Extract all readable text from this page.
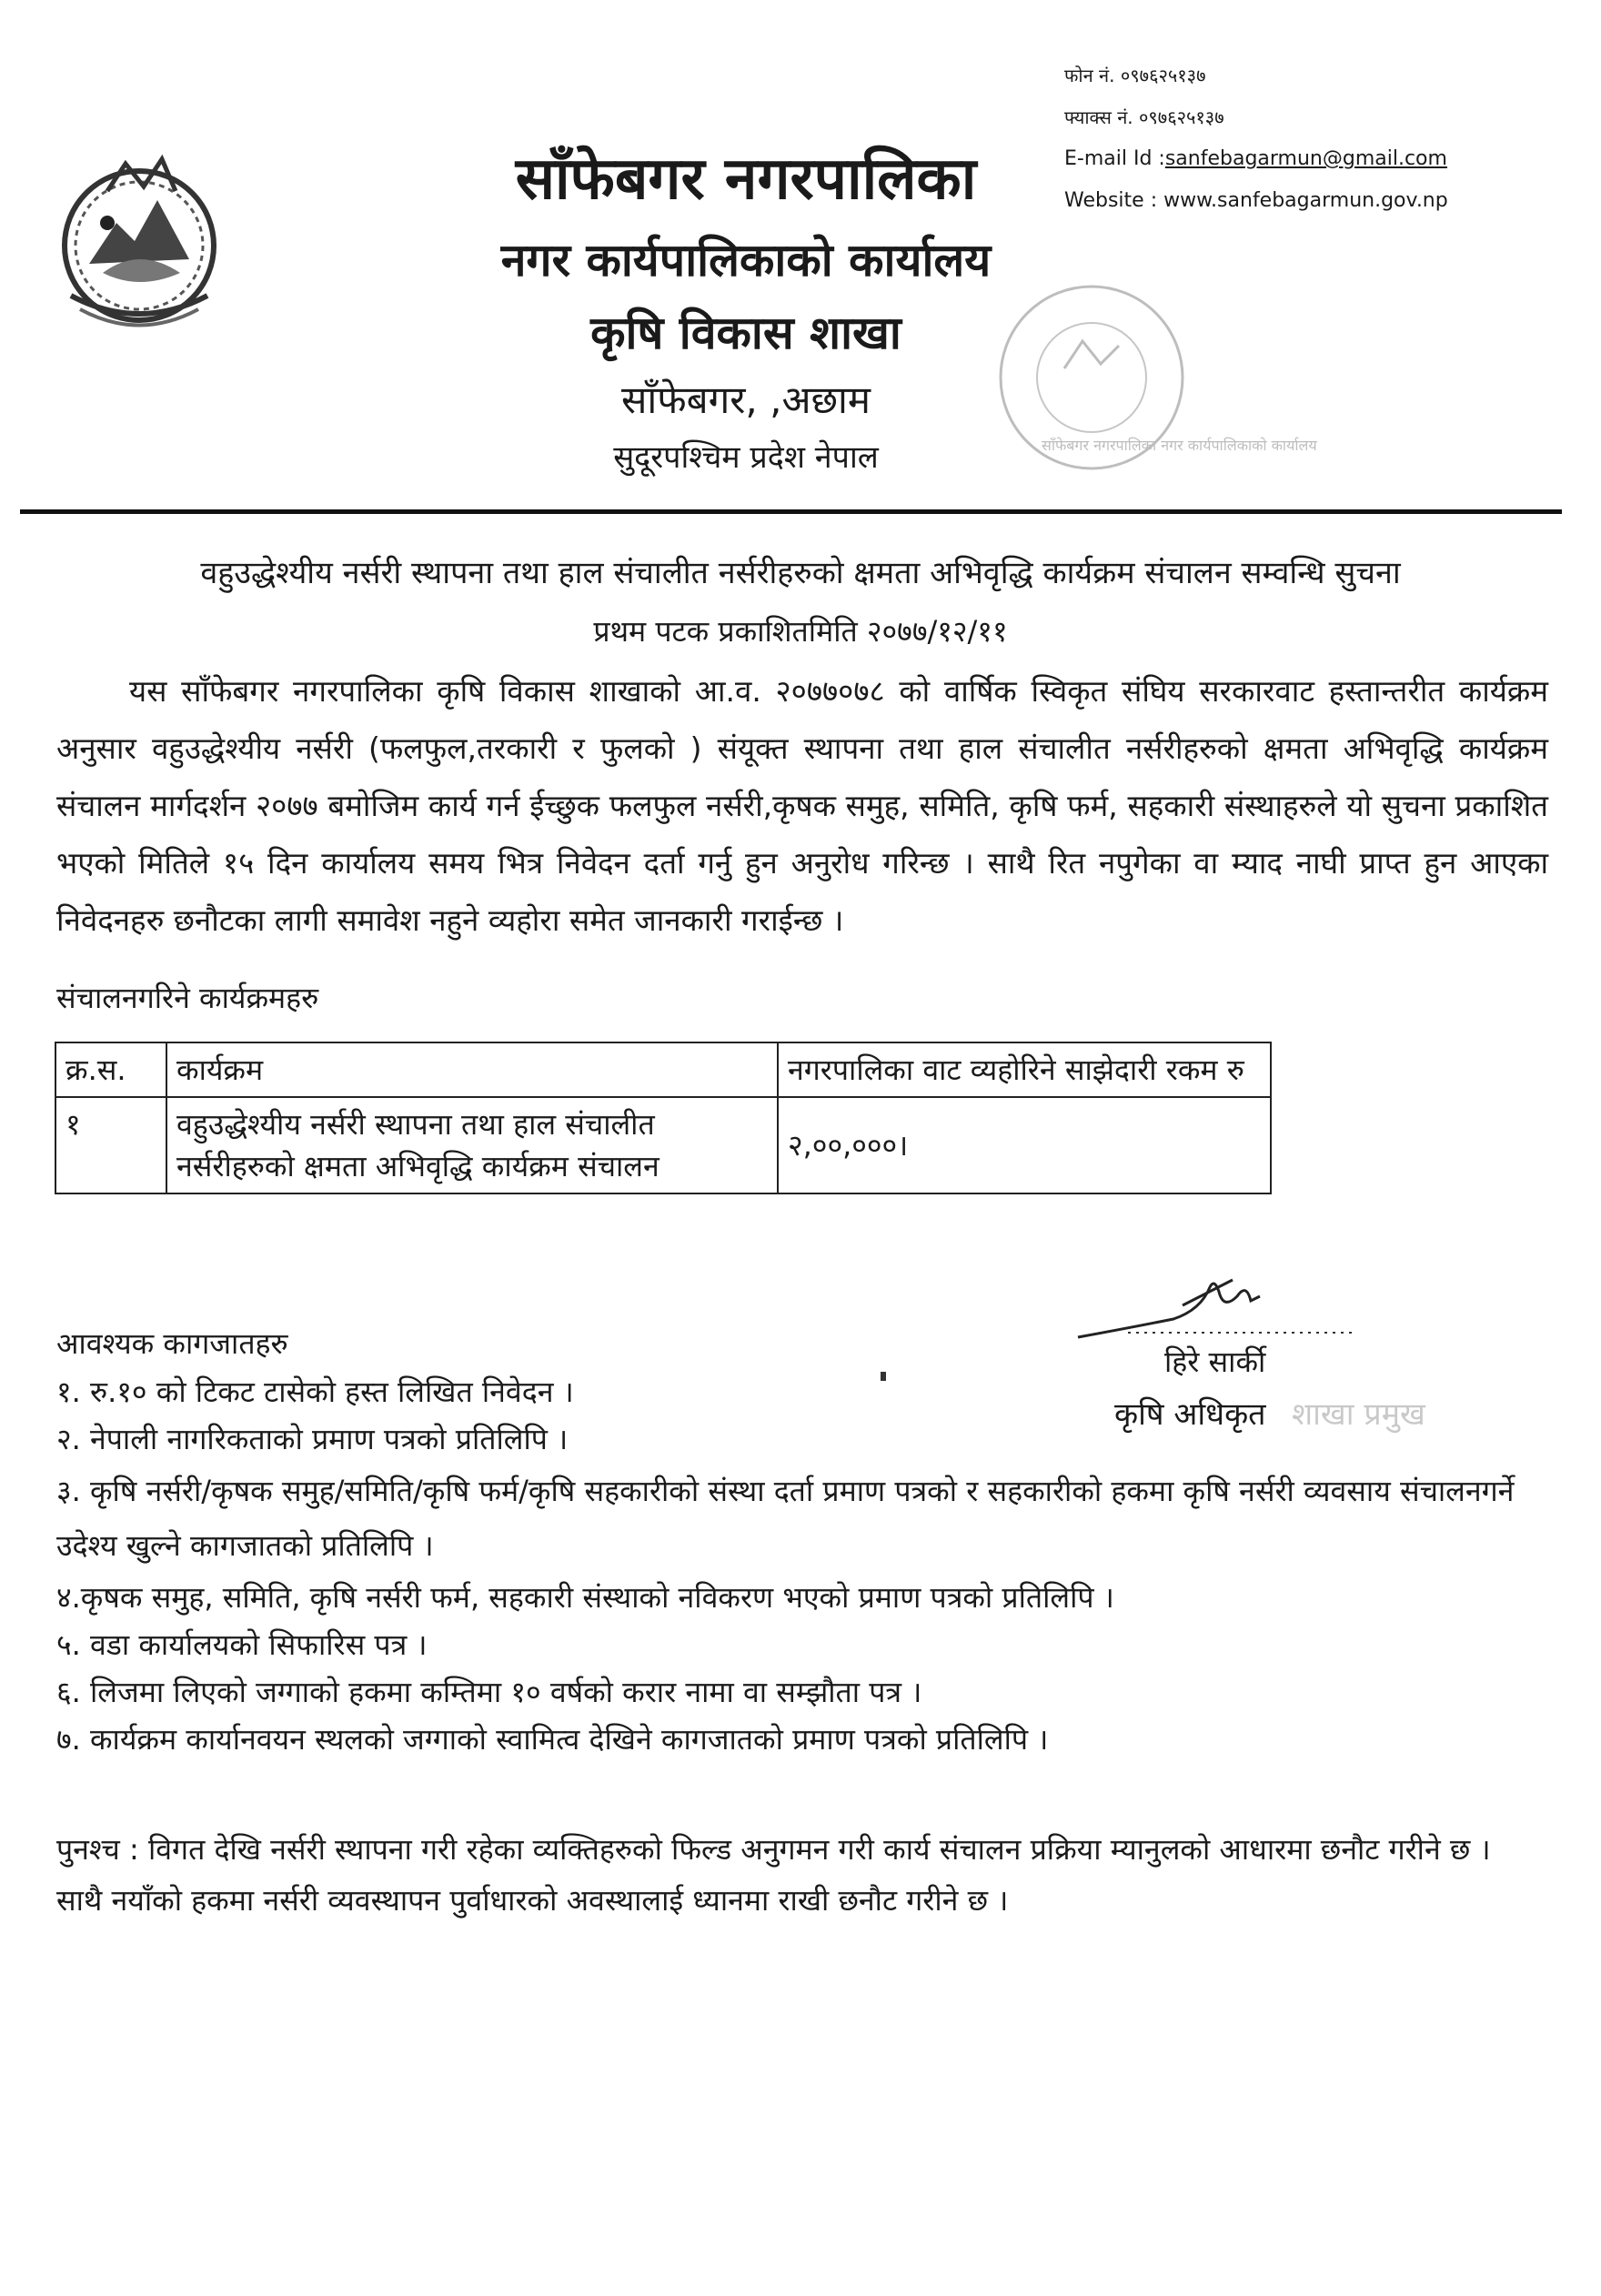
साँफेबगर नगरपालिका
नगर कार्यपालिकाको कार्यालय
कृषि विकास शाखा
साँफेबगर, ,अछाम
सुदूरपश्चिम प्रदेश नेपाल
फोन नं. ०९७६२५१३७
फ्याक्स नं. ०९७६२५१३७
E-mail Id : sanfebagarmun@gmail.com
Website : www.sanfebagarmun.gov.np
साँफेबगर नगरपालिका नगर कार्यपालिकाको कार्यालय
वहुउद्धेश्यीय नर्सरी स्थापना तथा हाल संचालीत नर्सरीहरुको क्षमता अभिवृद्धि कार्यक्रम संचालन सम्वन्धि सुचना
प्रथम पटक प्रकाशितमिति २०७७/१२/११
यस साँफेबगर नगरपालिका कृषि विकास शाखाको आ.व. २०७७०७८ को वार्षिक स्विकृत संघिय सरकारवाट हस्तान्तरीत कार्यक्रम अनुसार वहुउद्धेश्यीय नर्सरी (फलफुल,तरकारी र फुलको ) संयूक्त स्थापना तथा हाल संचालीत नर्सरीहरुको क्षमता अभिवृद्धि कार्यक्रम संचालन मार्गदर्शन २०७७ बमोजिम कार्य गर्न ईच्छुक फलफुल नर्सरी,कृषक समुह, समिति, कृषि फर्म, सहकारी संस्थाहरुले यो सुचना प्रकाशित भएको मितिले १५ दिन कार्यालय समय भित्र निवेदन दर्ता गर्नु हुन अनुरोध गरिन्छ । साथै रित नपुगेका वा म्याद नाघी प्राप्त हुन आएका निवेदनहरु छनौटका लागी समावेश नहुने व्यहोरा समेत जानकारी गराईन्छ ।
संचालनगरिने कार्यक्रमहरु
क्र.स.	कार्यक्रम	नगरपालिका वाट व्यहोरिने साझेदारी रकम रु
१	वहुउद्धेश्यीय नर्सरी स्थापना तथा हाल संचालीत नर्सरीहरुको क्षमता अभिवृद्धि कार्यक्रम संचालन	२,००,०००।
हिरे सार्की
कृषि अधिकृत शाखा प्रमुख
आवश्यक कागजातहरु
१. रु.१० को टिकट टासेको हस्त लिखित निवेदन ।
२. नेपाली नागरिकताको प्रमाण पत्रको प्रतिलिपि ।
३. कृषि नर्सरी/कृषक समुह/समिति/कृषि फर्म/कृषि सहकारीको संस्था दर्ता प्रमाण पत्रको र सहकारीको हकमा कृषि नर्सरी व्यवसाय संचालनगर्ने उदेश्य खुल्ने कागजातको प्रतिलिपि ।
४.कृषक समुह, समिति, कृषि नर्सरी फर्म, सहकारी संस्थाको नविकरण भएको प्रमाण पत्रको प्रतिलिपि ।
५. वडा कार्यालयको सिफारिस पत्र ।
६. लिजमा लिएको जग्गाको हकमा कम्तिमा १० वर्षको करार नामा वा सम्झौता पत्र ।
७. कार्यक्रम कार्यानवयन स्थलको जग्गाको स्वामित्व देखिने कागजातको प्रमाण पत्रको प्रतिलिपि ।
पुनश्च : विगत देखि नर्सरी स्थापना गरी रहेका व्यक्तिहरुको फिल्ड अनुगमन गरी कार्य संचालन प्रक्रिया म्यानुलको आधारमा छनौट गरीने छ । साथै नयाँको हकमा नर्सरी व्यवस्थापन पुर्वाधारको अवस्थालाई ध्यानमा राखी छनौट गरीने छ ।
